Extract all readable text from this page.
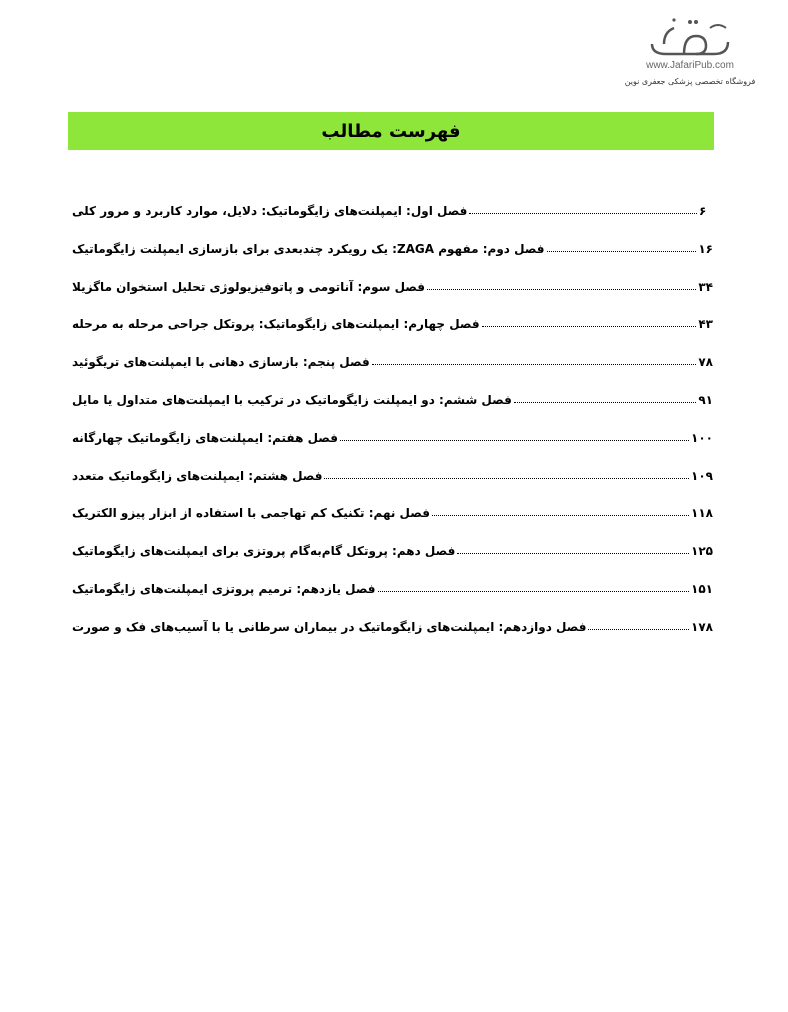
www.JafariPub.com
فروشگاه تخصصی پزشکی جعفری نوین
فهرست مطالب
فصل اول: ایمپلنت‌های زایگوماتیک: دلایل، موارد کاربرد و مرور کلی	۶
فصل دوم: مفهوم ZAGA: یک رویکرد چندبعدی برای بازسازی ایمپلنت زایگوماتیک	۱۶
فصل سوم: آناتومی و پاتوفیزیولوژی تحلیل استخوان ماگزیلا	۳۴
فصل چهارم: ایمپلنت‌های زایگوماتیک: پروتکل جراحی مرحله به مرحله	۴۳
فصل پنجم: بازسازی دهانی با ایمپلنت‌های تریگوئید	۷۸
فصل ششم: دو ایمپلنت زایگوماتیک در ترکیب با ایمپلنت‌های متداول یا مایل	۹۱
فصل هفتم: ایمپلنت‌های زایگوماتیک چهارگانه	۱۰۰
فصل هشتم: ایمپلنت‌های زایگوماتیک متعدد	۱۰۹
فصل نهم: تکنیک کم تهاجمی با استفاده از ابزار پیزو الکتریک	۱۱۸
فصل دهم: پروتکل گام‌به‌گام پروتزی برای ایمپلنت‌های زایگوماتیک	۱۲۵
فصل یازدهم: ترمیم پروتزی ایمپلنت‌های زایگوماتیک	۱۵۱
فصل دوازدهم: ایمپلنت‌های زایگوماتیک در بیماران سرطانی یا با آسیب‌های فک و صورت	۱۷۸
